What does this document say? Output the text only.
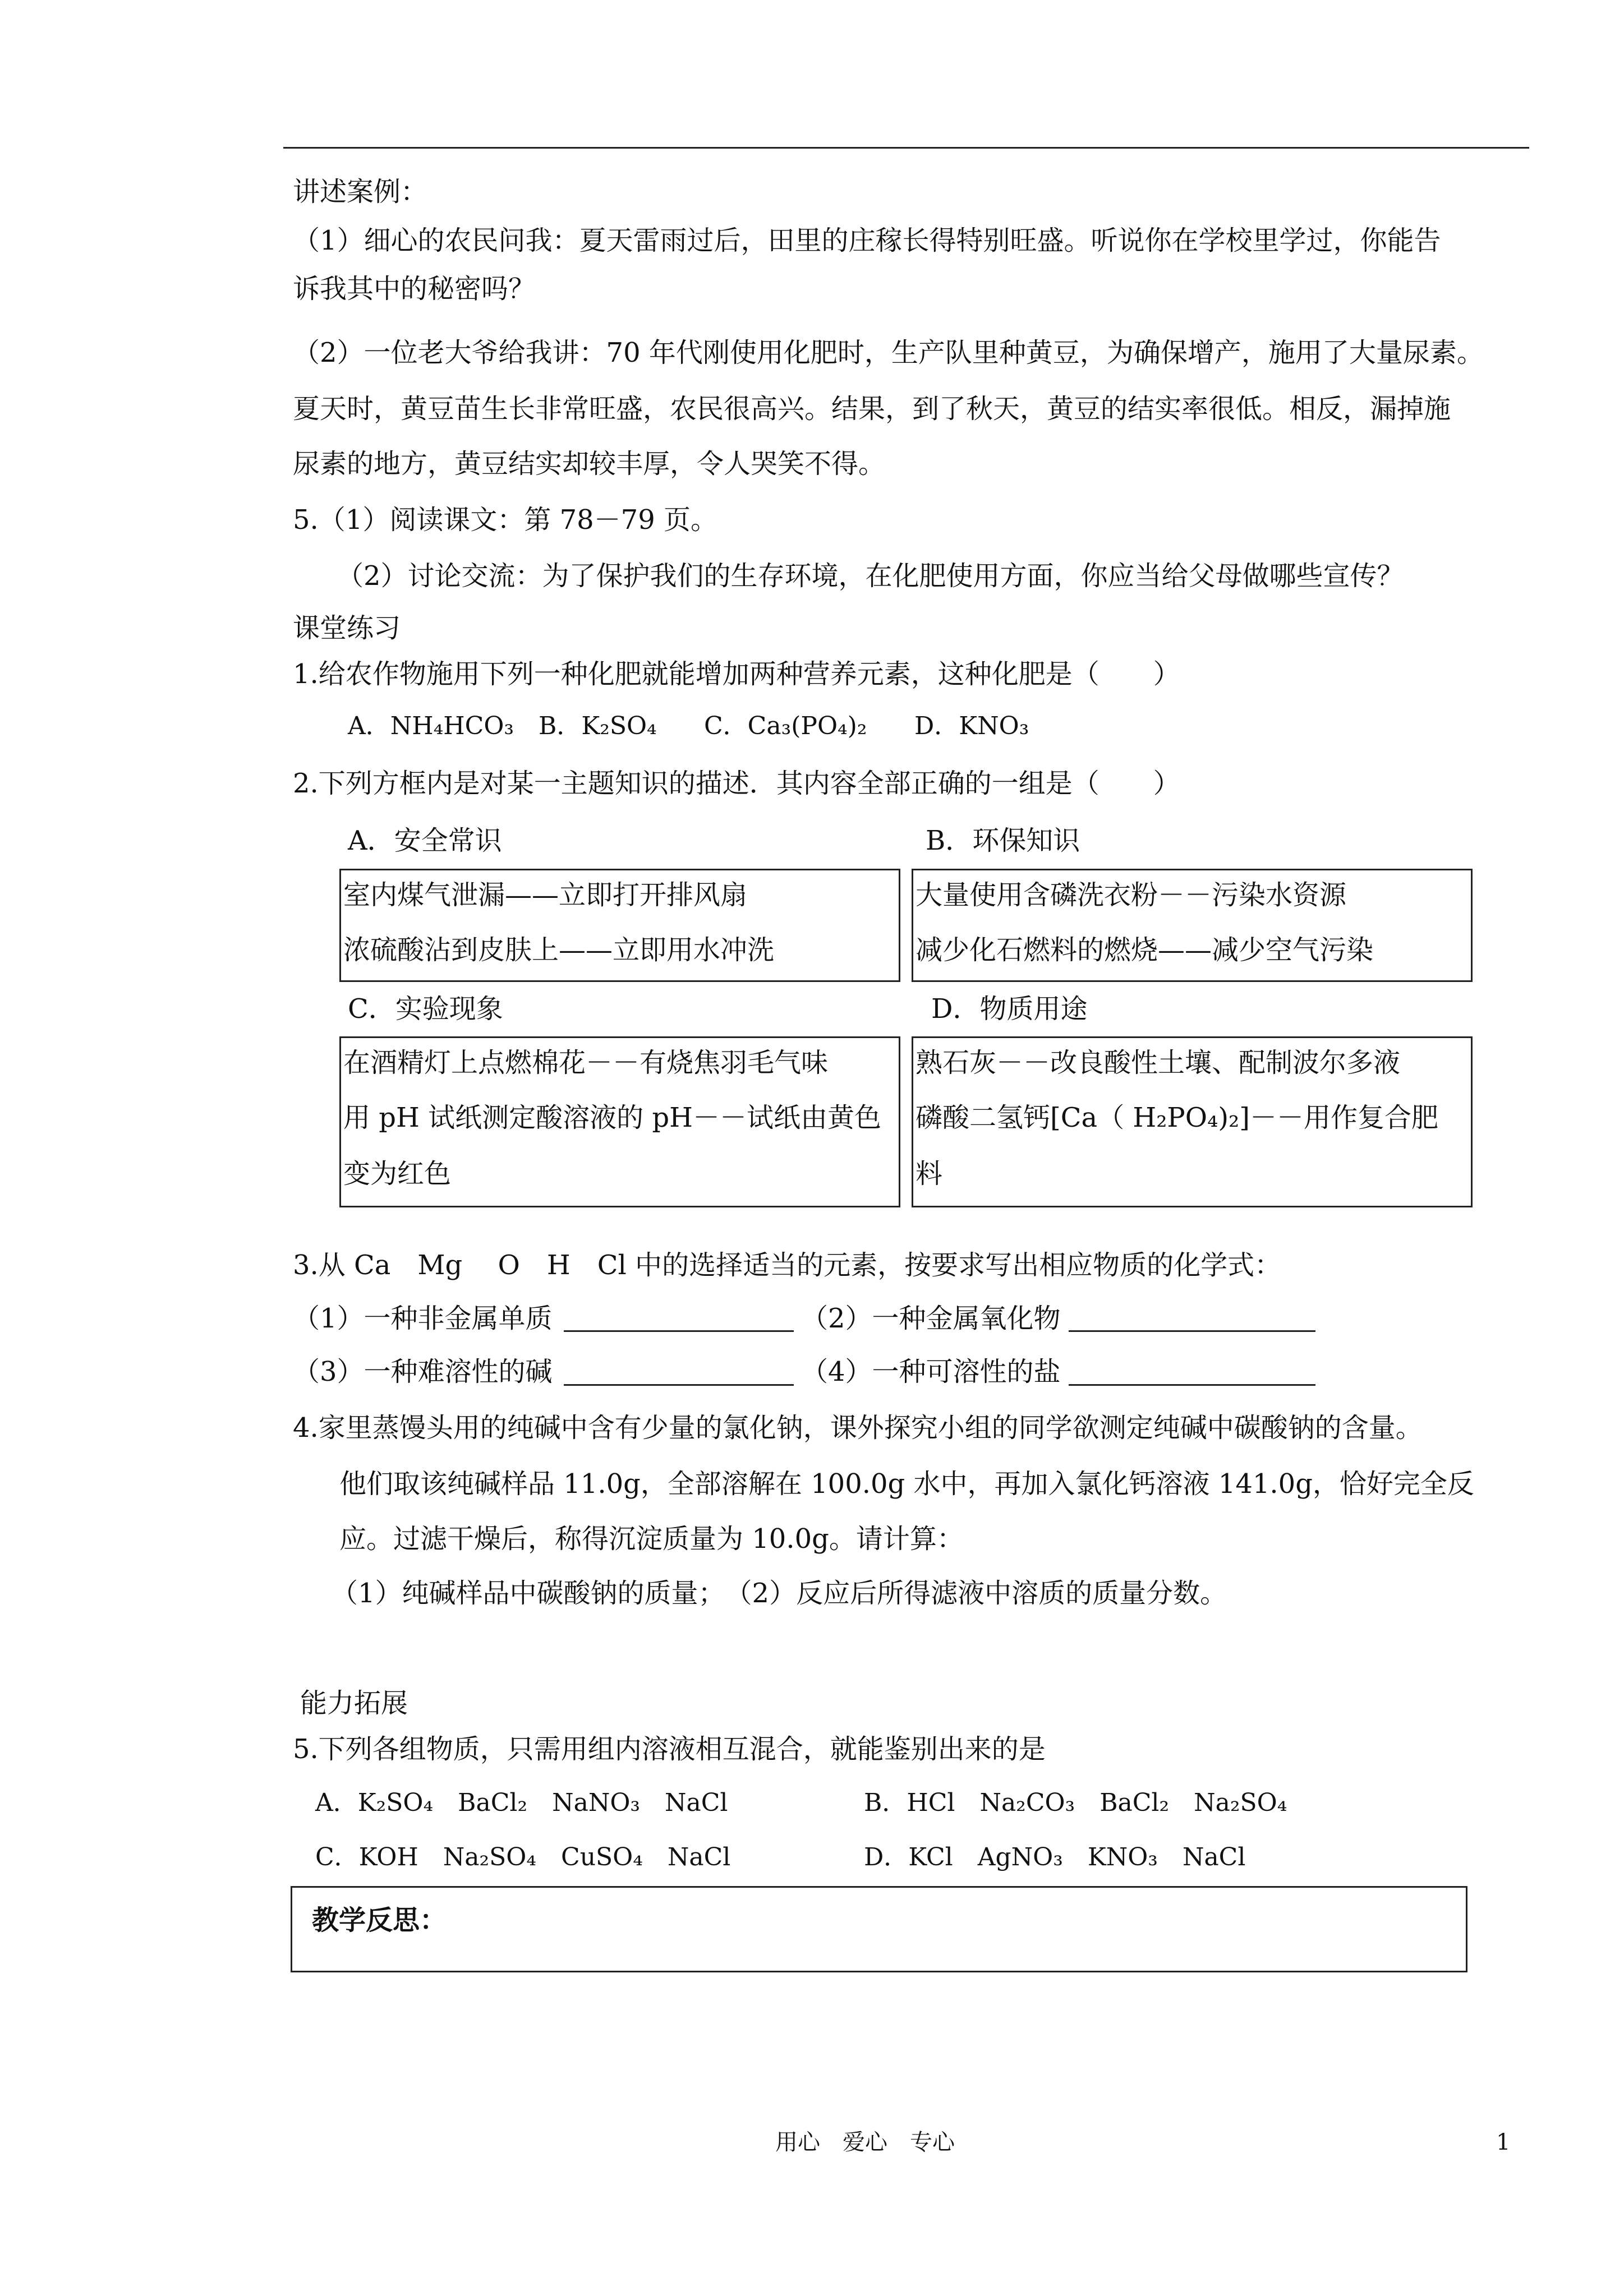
讲述案例：
（1）细心的农民问我：夏天雷雨过后，田里的庄稼长得特别旺盛。听说你在学校里学过，你能告
诉我其中的秘密吗？
（2）一位老大爷给我讲：70 年代刚使用化肥时，生产队里种黄豆，为确保增产，施用了大量尿素。
夏天时，黄豆苗生长非常旺盛，农民很高兴。结果，到了秋天，黄豆的结实率很低。相反，漏掉施
尿素的地方，黄豆结实却较丰厚，令人哭笑不得。
5.（1）阅读课文：第 78－79 页。
（2）讨论交流：为了保护我们的生存环境，在化肥使用方面，你应当给父母做哪些宣传？
课堂练习
1.给农作物施用下列一种化肥就能增加两种营养元素，这种化肥是（　　）
A．NH₄HCO₃ B．K₂SO₄ C．Ca₃(PO₄)₂ D．KNO₃
2.下列方框内是对某一主题知识的描述．其内容全部正确的一组是（　　）
A．安全常识	B．环保知识
室内煤气泄漏——立即打开排风扇
浓硫酸沾到皮肤上——立即用水冲洗
大量使用含磷洗衣粉－－污染水资源
减少化石燃料的燃烧——减少空气污染
C．实验现象	D．物质用途
在酒精灯上点燃棉花－－有烧焦羽毛气味
用 pH 试纸测定酸溶液的 pH－－试纸由黄色
变为红色
熟石灰－－改良酸性土壤、配制波尔多液
磷酸二氢钙[Ca（ H₂PO₄)₂]－－用作复合肥
料
3.从 Ca　Mg　 O　H　Cl 中的选择适当的元素，按要求写出相应物质的化学式：
（1）一种非金属单质	（2）一种金属氧化物
（3）一种难溶性的碱	（4）一种可溶性的盐
4.家里蒸馒头用的纯碱中含有少量的氯化钠，课外探究小组的同学欲测定纯碱中碳酸钠的含量。
他们取该纯碱样品 11.0g，全部溶解在 100.0g 水中，再加入氯化钙溶液 141.0g，恰好完全反
应。过滤干燥后，称得沉淀质量为 10.0g。请计算：
（1）纯碱样品中碳酸钠的质量；　（2）反应后所得滤液中溶质的质量分数。
能力拓展
5.下列各组物质，只需用组内溶液相互混合，就能鉴别出来的是
A．K₂SO₄　BaCl₂　NaNO₃　NaCl	B．HCl　Na₂CO₃　BaCl₂　Na₂SO₄
C．KOH　Na₂SO₄　CuSO₄　NaCl	D．KCl　AgNO₃　KNO₃　NaCl
教学反思：
用心　爱心　专心	1
